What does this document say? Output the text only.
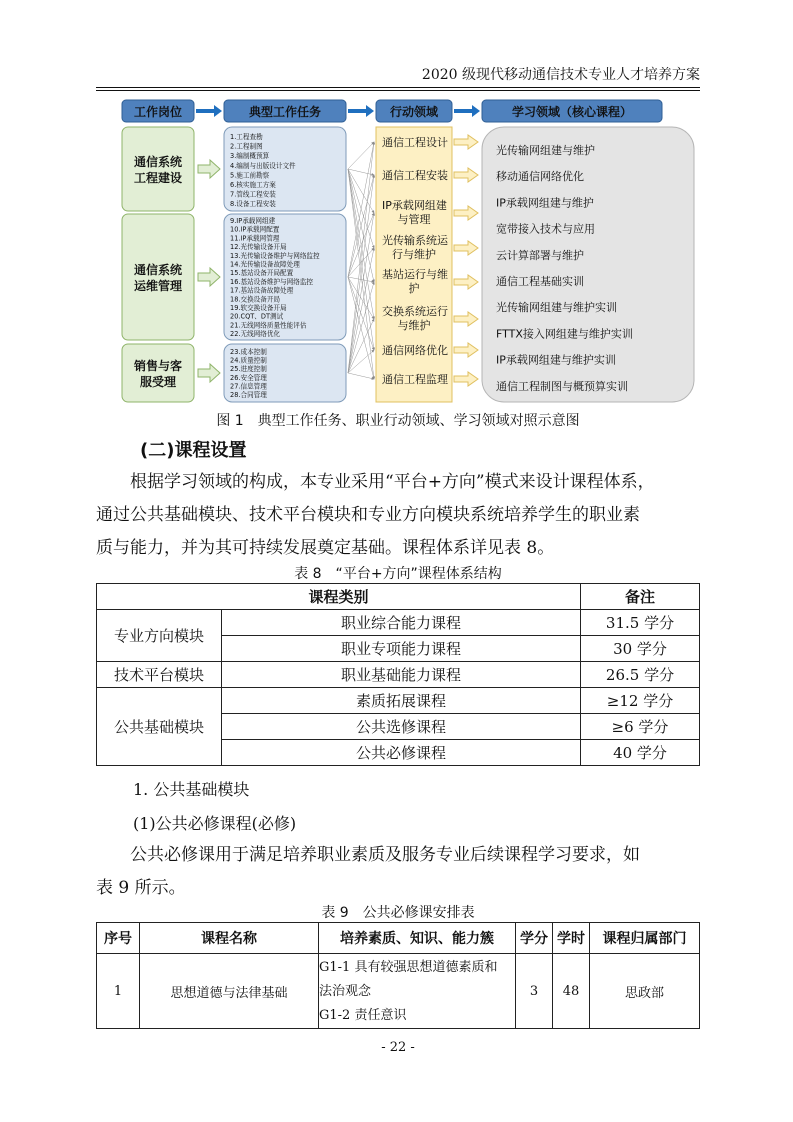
2020 级现代移动通信技术专业人才培养方案
工作岗位	典型工作任务	行动领域	学习领域（核心课程）
通信系统
工程建设
通信系统
运维管理
销售与客
服受理
1.工程查勘
2.工程制图
3.编制概预算
4.编制与出版设计文件
5.施工前勘察
6.核实施工方案
7.管线工程安装
8.设备工程安装
9.IP承载网组建
10.IP承载网配置
11.IP承载网管理
12.光传输设备开局
13.光传输设备维护与网络监控
14.光传输设备故障处理
15.基站设备开局配置
16.基站设备维护与网络监控
17.基站设备故障处理
18.交换设备开局
19.软交换设备开局
20.CQT、DT测试
21.无线网络质量性能评估
22.无线网络优化
23.成本控制
24.质量控制
25.进度控制
26.安全管理
27.信息管理
28.合同管理
通信工程设计
通信工程安装
IP承载网组建
与管理
光传输系统运
行与维护
基站运行与维
护
交换系统运行
与维护
通信网络优化
通信工程监理
光传输网组建与维护
移动通信网络优化
IP承载网组建与维护
宽带接入技术与应用
云计算部署与维护
通信工程基础实训
光传输网组建与维护实训
FTTX接入网组建与维护实训
IP承载网组建与维护实训
通信工程制图与概预算实训
图 1　典型工作任务、职业行动领域、学习领域对照示意图
(二)课程设置
　　根据学习领域的构成，本专业采用“平台+方向”模式来设计课程体系，
通过公共基础模块、技术平台模块和专业方向模块系统培养学生的职业素
质与能力，并为其可持续发展奠定基础。课程体系详见表 8。
表 8　“平台+方向”课程体系结构
课程类别		备注
专业方向模块	职业综合能力课程	31.5 学分
	职业专项能力课程	30 学分
技术平台模块	职业基础能力课程	26.5 学分
公共基础模块	素质拓展课程	≥12 学分
	公共选修课程	≥6 学分
	公共必修课程	40 学分
1. 公共基础模块
(1)公共必修课程(必修)
　　公共必修课用于满足培养职业素质及服务专业后续课程学习要求，如
表 9 所示。
表 9　公共必修课安排表
序号	课程名称	培养素质、知识、能力簇	学分	学时	课程归属部门
1	思想道德与法律基础	G1-1 具有较强思想道德素质和
法治观念
G1-2 责任意识	3	48	思政部
- 22 -
